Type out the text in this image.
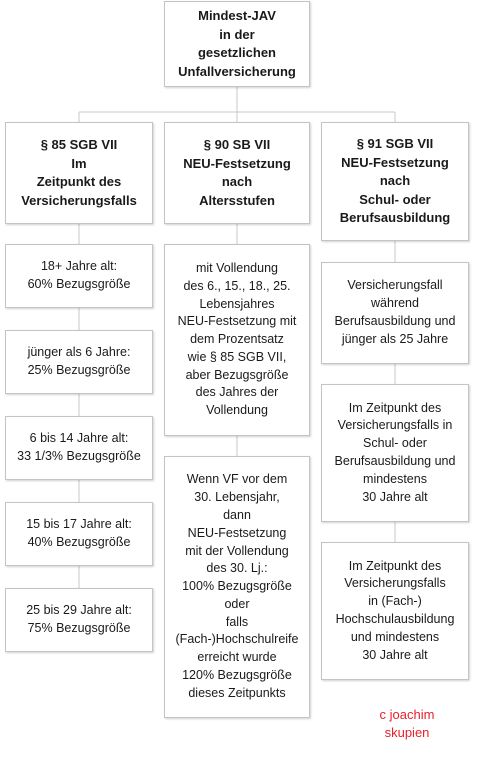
Mindest-JAV
in der
gesetzlichen
Unfallversicherung
§ 85 SGB VII
Im
Zeitpunkt des
Versicherungsfalls
18+ Jahre alt:
60% Bezugsgröße
jünger als 6 Jahre:
25% Bezugsgröße
6 bis 14 Jahre alt:
33 1/3% Bezugsgröße
15 bis 17 Jahre alt:
40% Bezugsgröße
25 bis 29 Jahre alt:
75% Bezugsgröße
§ 90 SB VII
NEU-Festsetzung
nach
Altersstufen
mit Vollendung
des 6., 15., 18., 25.
Lebensjahres
NEU-Festsetzung mit
dem Prozentsatz
wie § 85 SGB VII,
aber Bezugsgröße
des Jahres der
Vollendung
Wenn VF vor dem
30. Lebensjahr,
dann
NEU-Festsetzung
mit der Vollendung
des 30. Lj.:
100% Bezugsgröße
oder
falls
(Fach-)Hochschulreife
erreicht wurde
120% Bezugsgröße
dieses Zeitpunkts
§ 91 SGB VII
NEU-Festsetzung
nach
Schul- oder
Berufsausbildung
Versicherungsfall
während
Berufsausbildung und
jünger als 25 Jahre
Im Zeitpunkt des
Versicherungsfalls in
Schul- oder
Berufsausbildung und
mindestens
30 Jahre alt
Im Zeitpunkt des
Versicherungsfalls
in (Fach-)
Hochschulausbildung
und mindestens
30 Jahre alt
c joachim
skupien
